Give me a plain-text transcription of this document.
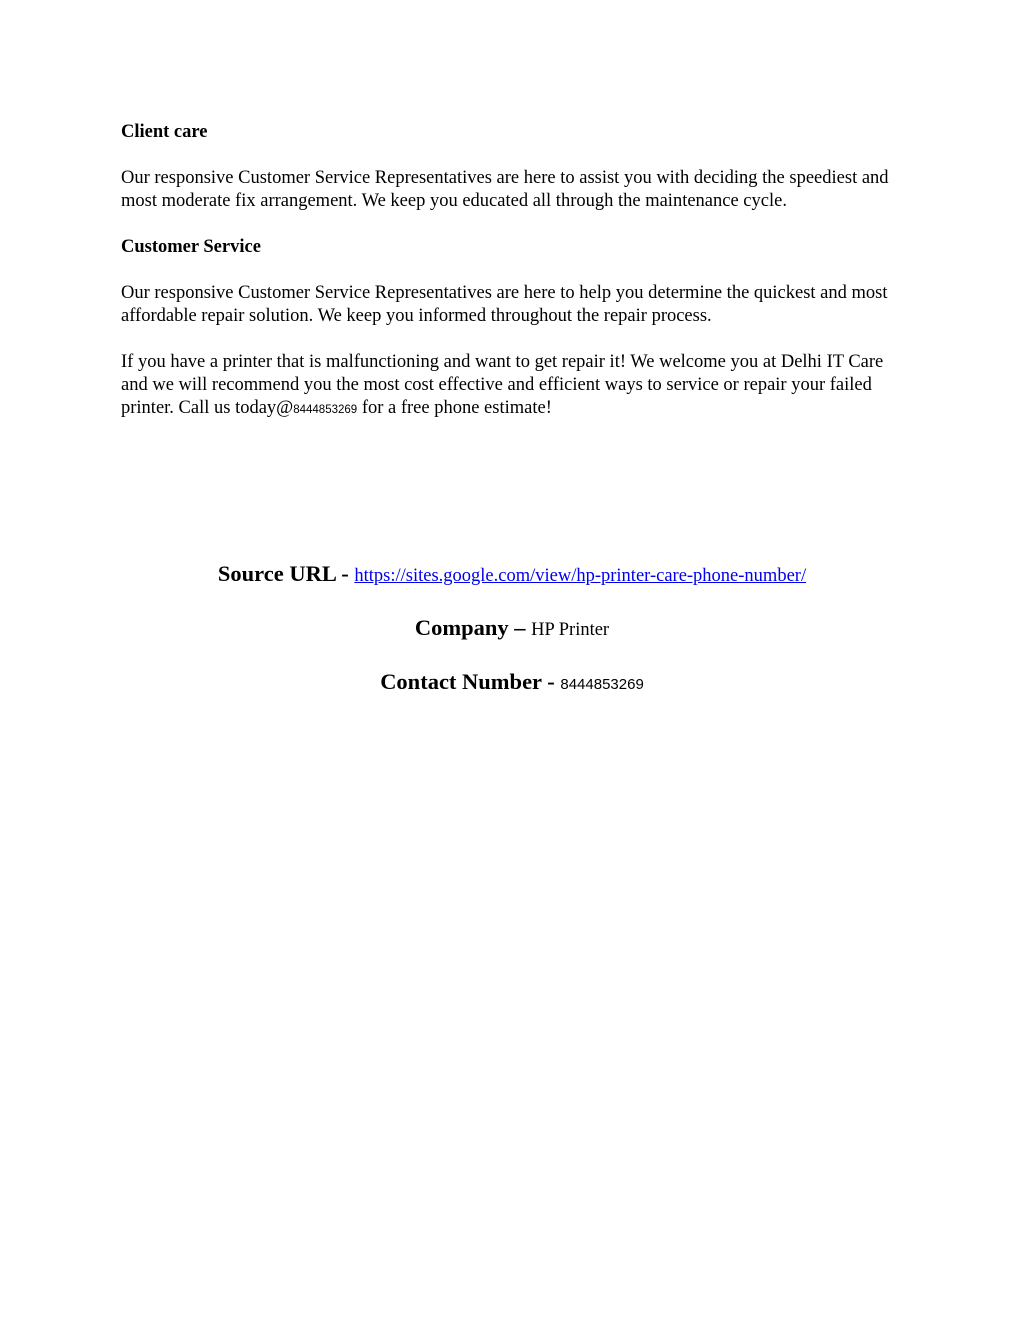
Client care

Our responsive Customer Service Representatives are here to assist you with deciding the speediest and most moderate fix arrangement. We keep you educated all through the maintenance cycle.

Customer Service

Our responsive Customer Service Representatives are here to help you determine the quickest and most affordable repair solution. We keep you informed throughout the repair process.

If you have a printer that is malfunctioning and want to get repair it! We welcome you at Delhi IT Care and we will recommend you the most cost effective and efficient ways to service or repair your failed printer. Call us today@8444853269 for a free phone estimate!

Source URL - https://sites.google.com/view/hp-printer-care-phone-number/

Company – HP Printer

Contact Number - 8444853269
